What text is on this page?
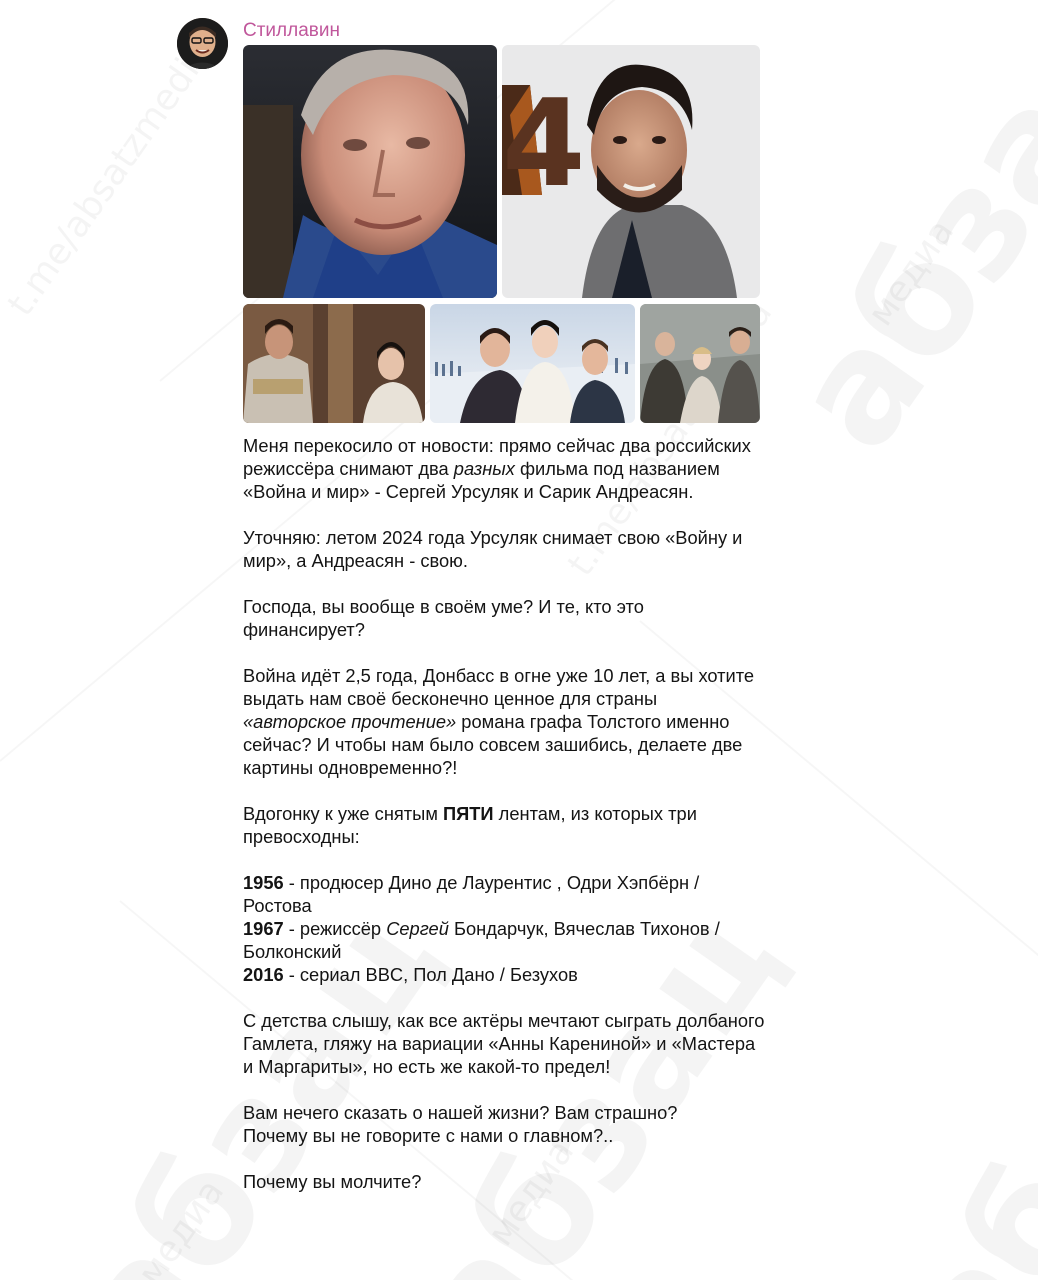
Стиллавин
4

Меня перекосило от новости: прямо сейчас два российских режиссёра снимают два разных фильма под названием «Война и мир» - Сергей Урсуляк и Сарик Андреасян.

Уточняю: летом 2024 года Урсуляк снимает свою «Войну и мир», а Андреасян - свою.

Господа, вы вообще в своём уме? И те, кто это финансирует?

Война идёт 2,5 года, Донбасс в огне уже 10 лет, а вы хотите выдать нам своё бесконечно ценное для страны «авторское прочтение» романа графа Толстого именно сейчас? И чтобы нам было совсем зашибись, делаете две картины одновременно?!

Вдогонку к уже снятым ПЯТИ лентам, из которых три превосходны:

1956 - продюсер Дино де Лаурентис , Одри Хэпбёрн / Ростова
1967 - режиссёр Сергей Бондарчук, Вячеслав Тихонов / Болконский
2016 - сериал BBC, Пол Дано / Безухов

С детства слышу, как все актёры мечтают сыграть долбаного Гамлета, гляжу на вариации «Анны Карениной» и «Мастера и Маргариты», но есть же какой-то предел!

Вам нечего сказать о нашей жизни? Вам страшно?
Почему вы не говорите с нами о главном?..

Почему вы молчите?
